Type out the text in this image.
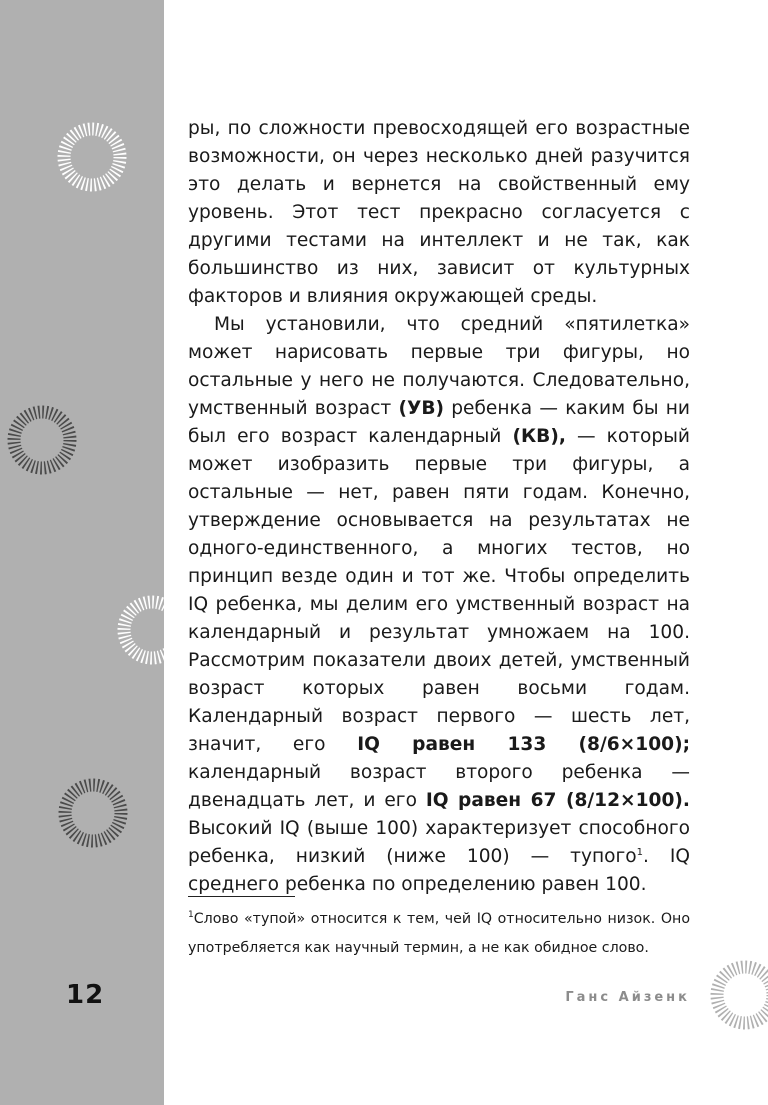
ры, по сложности превосходящей его возрастные возможности, он через несколько дней разучится это делать и вернется на свойственный ему уровень. Этот тест прекрасно согласуется с другими тестами на интеллект и не так, как большинство из них, зависит от культурных факторов и влияния окружающей среды.

Мы установили, что средний «пятилетка» может нарисовать первые три фигуры, но остальные у него не получаются. Следовательно, умственный возраст (УВ) ребенка — каким бы ни был его возраст календарный (КВ), — который может изобразить первые три фигуры, а остальные — нет, равен пяти годам. Конечно, утверждение основывается на результатах не одного-единственного, а многих тестов, но принцип везде один и тот же. Чтобы определить IQ ребенка, мы делим его умственный возраст на календарный и результат умножаем на 100. Рассмотрим показатели двоих детей, умственный возраст которых равен восьми годам. Календарный возраст первого — шесть лет, значит, его IQ равен 133 (8/6×100); календарный возраст второго ребенка — двенадцать лет, и его IQ равен 67 (8/12×100). Высокий IQ (выше 100) характеризует способного ребенка, низкий (ниже 100) — тупого$^1$. IQ среднего ребенка по определению равен 100.

$^1$Слово «тупой» относится к тем, чей IQ относительно низок. Оно употребляется как научный термин, а не как обидное слово.
12	Ганс Айзенк
